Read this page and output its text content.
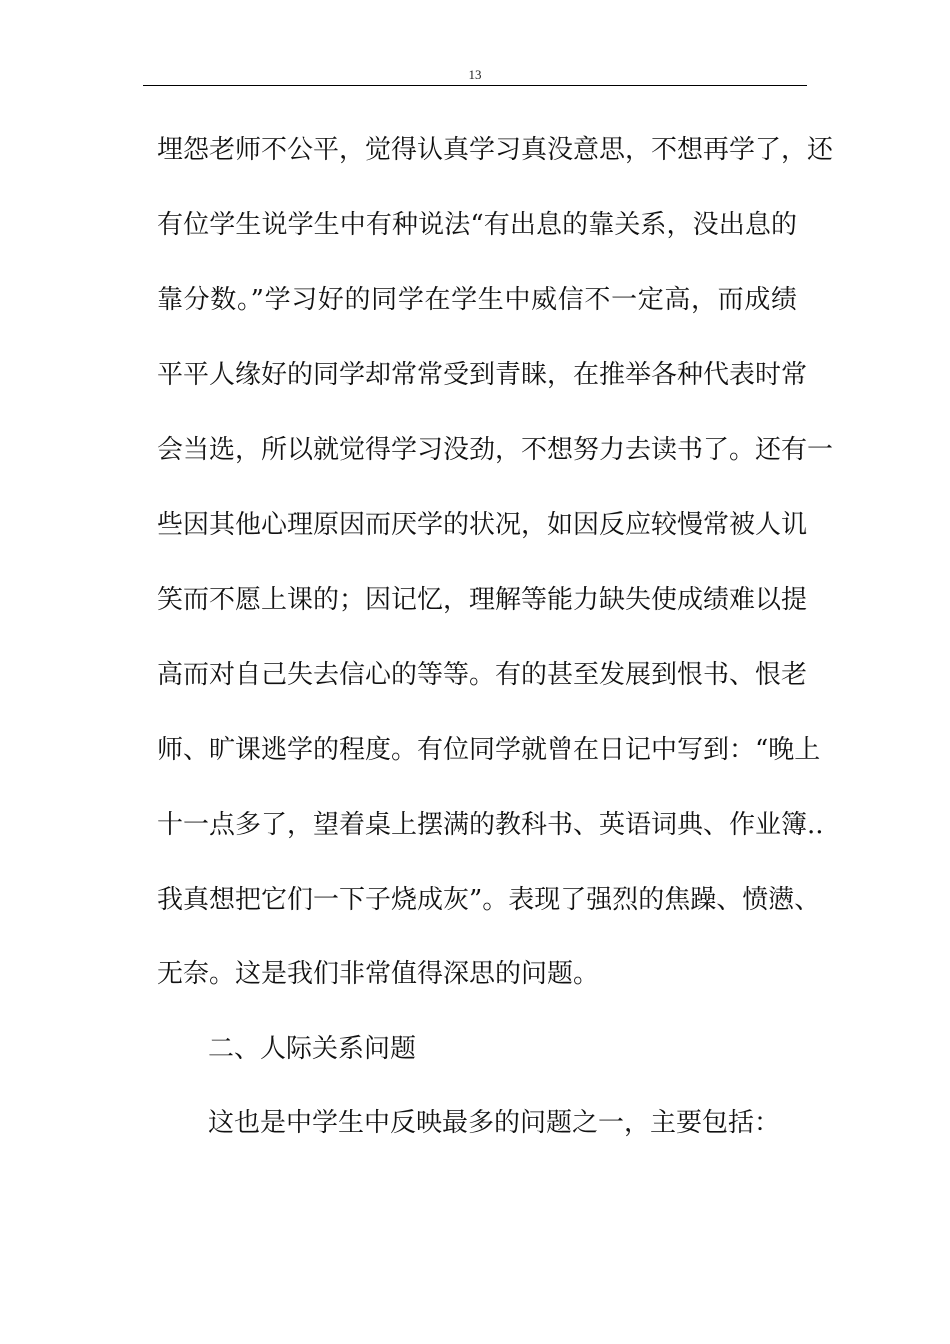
13
埋怨老师不公平，觉得认真学习真没意思，不想再学了，还
有位学生说学生中有种说法“有出息的靠关系，没出息的
靠分数。”学习好的同学在学生中威信不一定高，而成绩
平平人缘好的同学却常常受到青睐，在推举各种代表时常
会当选，所以就觉得学习没劲，不想努力去读书了。还有一
些因其他心理原因而厌学的状况，如因反应较慢常被人讥
笑而不愿上课的；因记忆，理解等能力缺失使成绩难以提
高而对自己失去信心的等等。有的甚至发展到恨书、恨老
师、旷课逃学的程度。有位同学就曾在日记中写到：“晚上
十一点多了，望着桌上摆满的教科书、英语词典、作业簿..
我真想把它们一下子烧成灰”。表现了强烈的焦躁、愤懑、
无奈。这是我们非常值得深思的问题。
二、人际关系问题
这也是中学生中反映最多的问题之一，主要包括：
